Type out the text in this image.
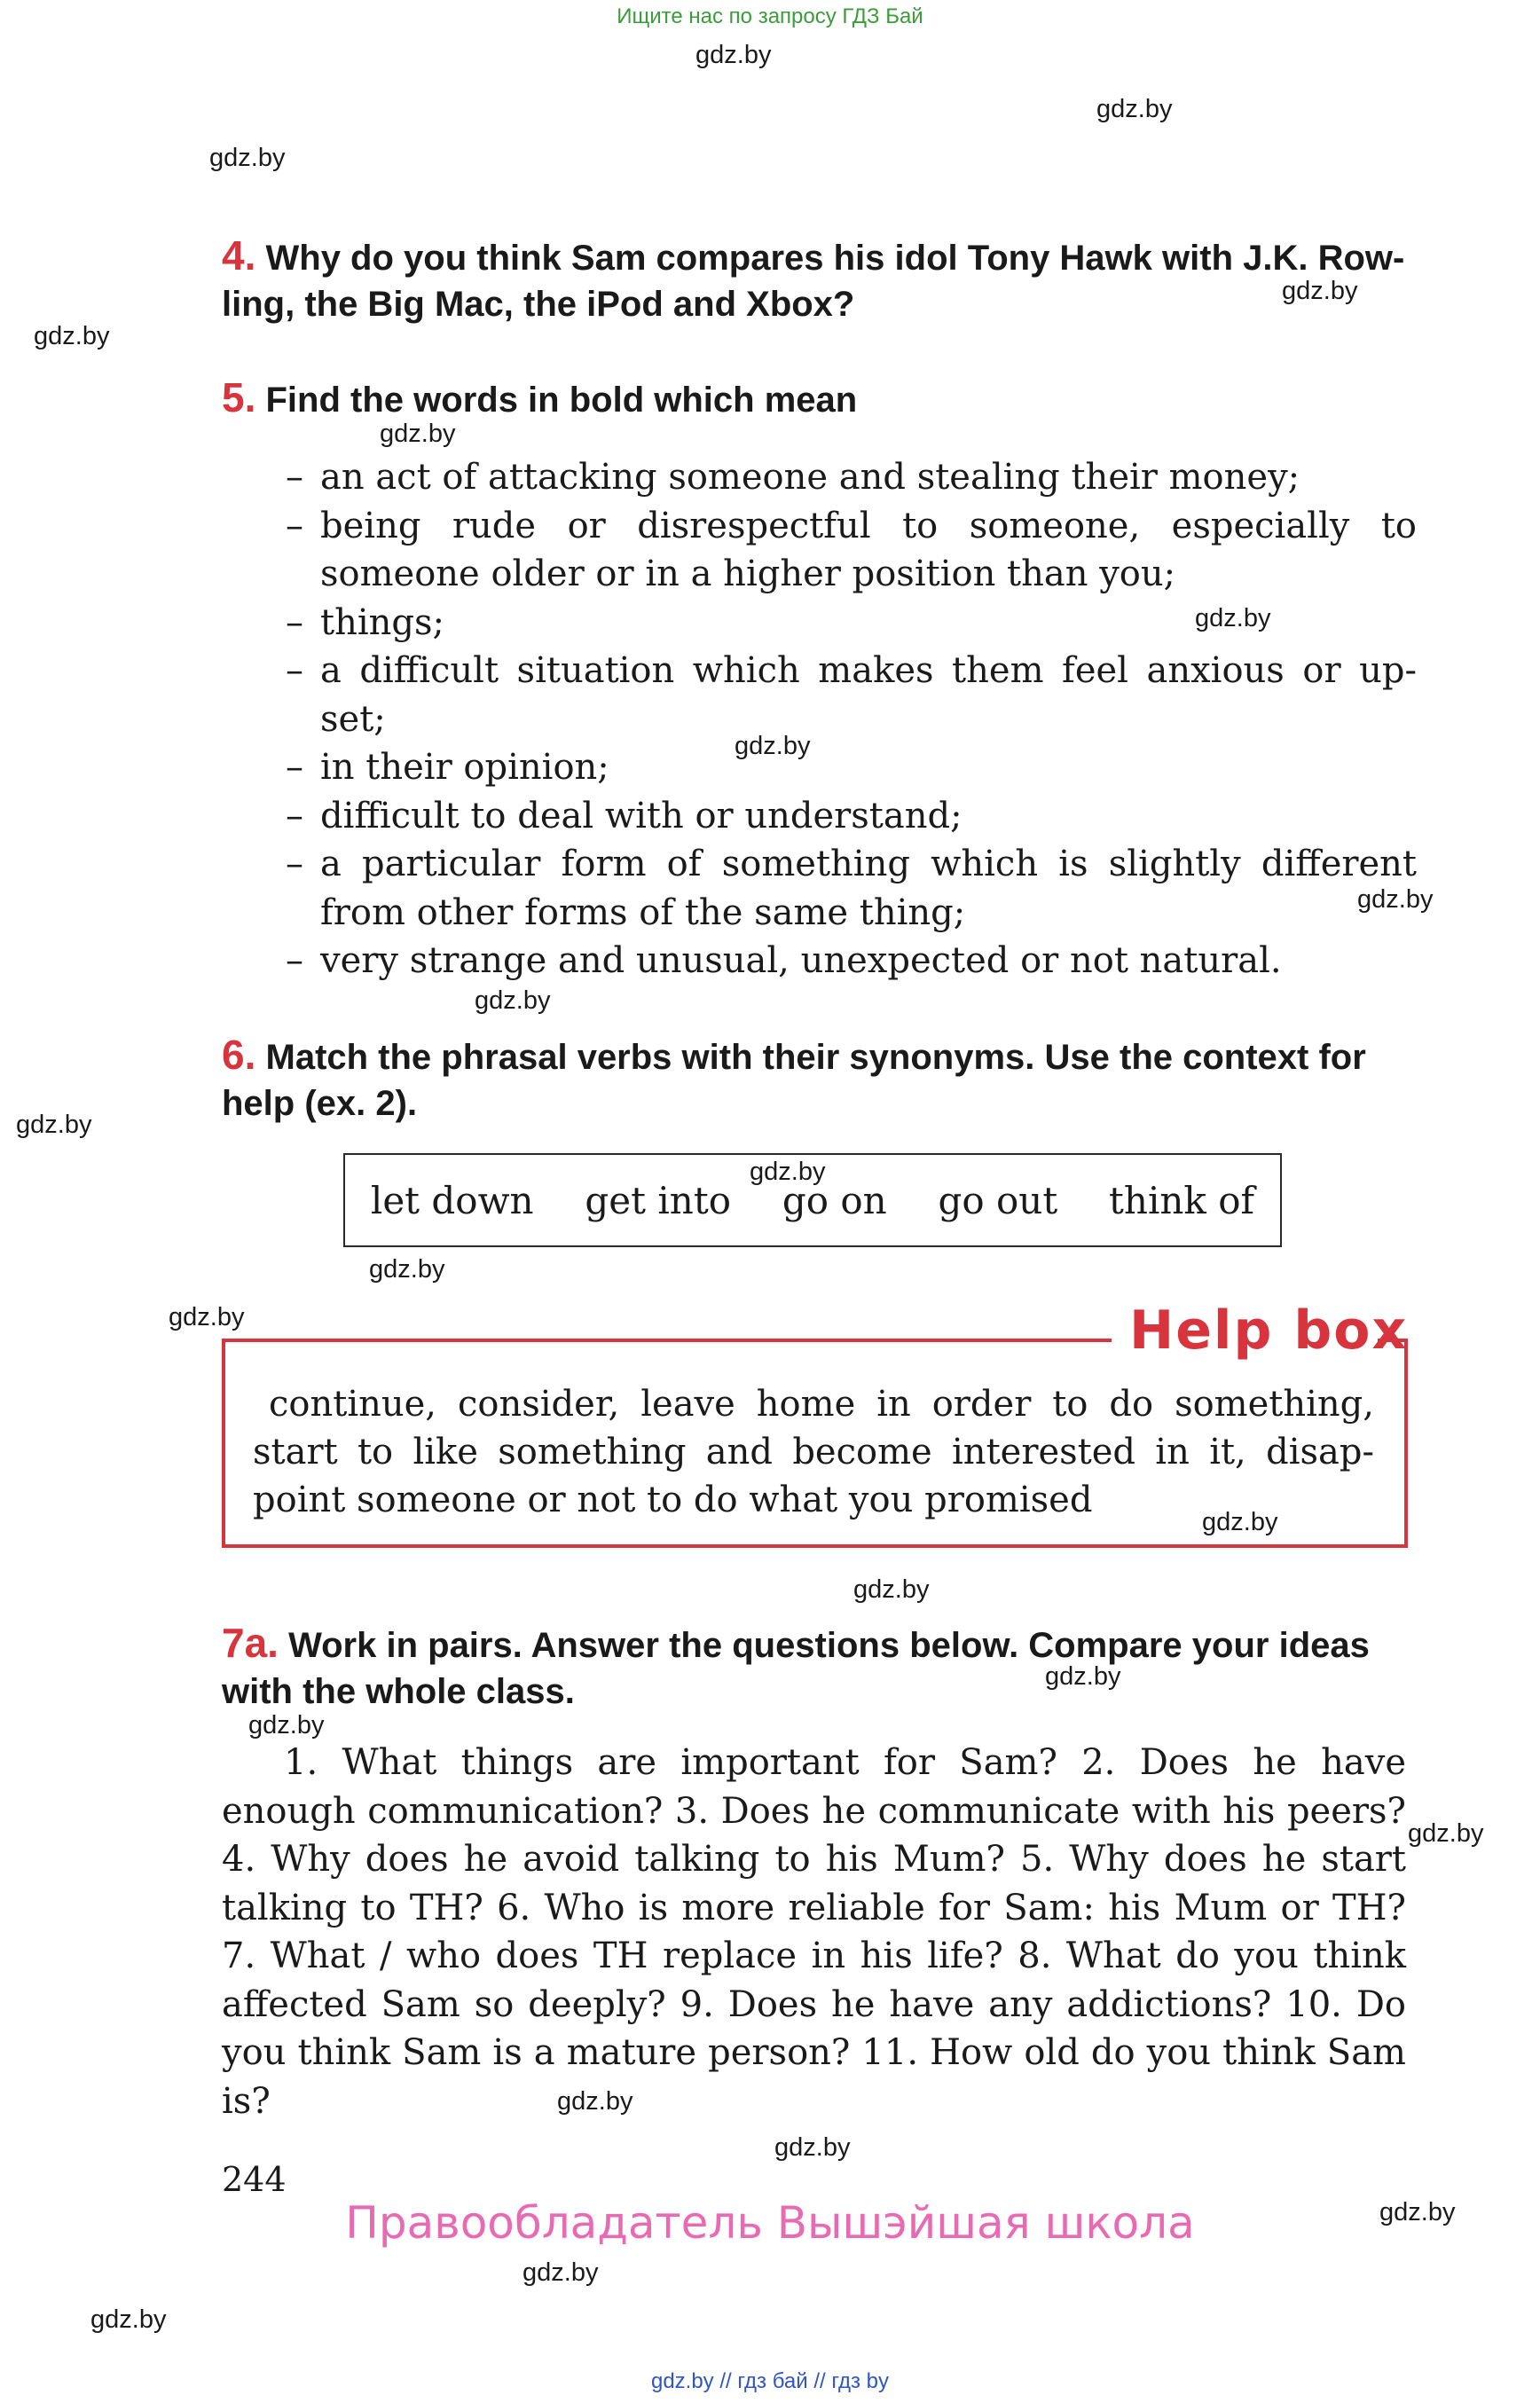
Ищите нас по запросу ГДЗ Бай
gdz.by
gdz.by
gdz.by
gdz.by
gdz.by
gdz.by
gdz.by
gdz.by
gdz.by
gdz.by
gdz.by
gdz.by
gdz.by
gdz.by
gdz.by
gdz.by
gdz.by
gdz.by
gdz.by
gdz.by
gdz.by
gdz.by
gdz.by
gdz.by
4. Why do you think Sam compares his idol Tony Hawk with J.K. Row-ling, the Big Mac, the iPod and Xbox?
5. Find the words in bold which mean
– an act of attacking someone and stealing their money;
– being rude or disrespectful to someone, especially to someone older or in a higher position than you;
– things;
– a difficult situation which makes them feel anxious or up-set;
– in their opinion;
– difficult to deal with or understand;
– a particular form of something which is slightly different from other forms of the same thing;
– very strange and unusual, unexpected or not natural.
6. Match the phrasal verbs with their synonyms. Use the context for help (ex. 2).
let down get into go on go out think of
Help box
continue, consider, leave home in order to do something, start to like something and become interested in it, disap-point someone or not to do what you promised
7a. Work in pairs. Answer the questions below. Compare your ideas with the whole class.
1. What things are important for Sam? 2. Does he have enough communication? 3. Does he communicate with his peers? 4. Why does he avoid talking to his Mum? 5. Why does he start talking to TH? 6. Who is more reliable for Sam: his Mum or TH? 7. What / who does TH replace in his life? 8. What do you think affected Sam so deeply? 9. Does he have any addictions? 10. Do you think Sam is a mature person? 11. How old do you think Sam is?
244
Правообладатель Вышэйшая школа
gdz.by // гдз бай // гдз by
